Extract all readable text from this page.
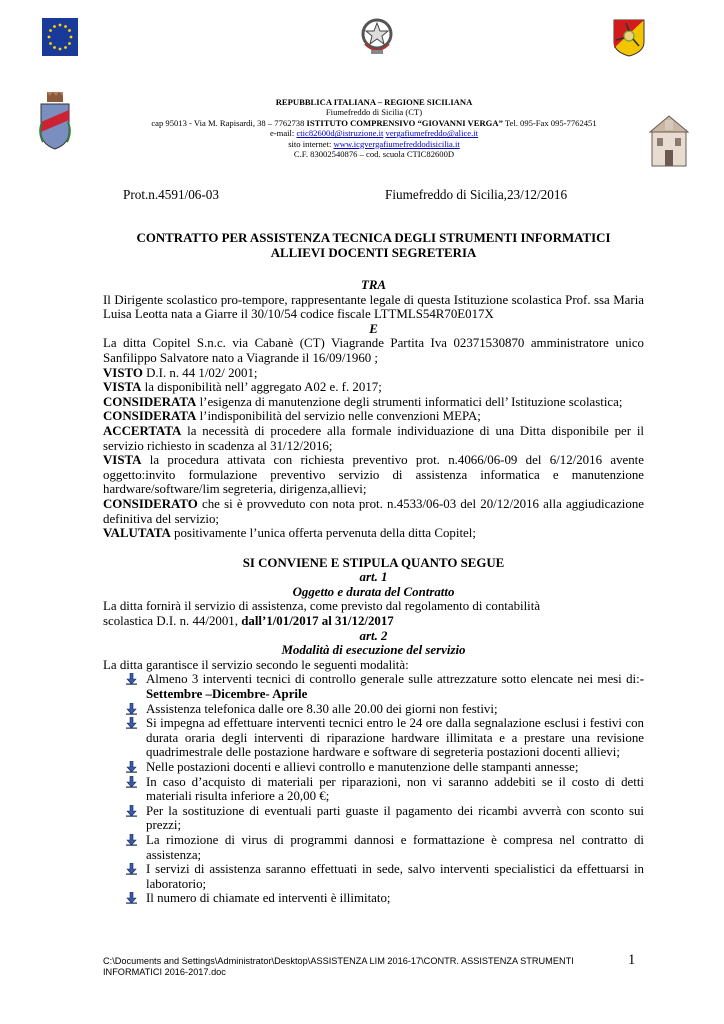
REPUBBLICA ITALIANA – REGIONE SICILIANA
Fiumefreddo di Sicilia (CT)
cap 95013 - Via M. Rapisardi, 38 – 7762738 ISTITUTO COMPRENSIVO “GIOVANNI VERGA” Tel. 095-Fax 095-7762451
e-mail: ctic82600d@istruzione.it vergafiumefreddo@alice.it
sito internet: www.icgvergafiumefreddodisicilia.it
C.F. 83002540876 – cod. scuola CTIC82600D
Prot.n.4591/06-03	Fiumefreddo di Sicilia,23/12/2016
CONTRATTO PER ASSISTENZA TECNICA DEGLI STRUMENTI INFORMATICI
ALLIEVI DOCENTI SEGRETERIA
TRA
Il Dirigente scolastico pro-tempore, rappresentante legale di questa Istituzione scolastica Prof. ssa Maria Luisa Leotta nata a Giarre il 30/10/54 codice fiscale LTTMLS54R70E017X
E
La ditta Copitel S.n.c. via Cabanè (CT) Viagrande Partita Iva 02371530870 amministratore unico Sanfilippo Salvatore nato a Viagrande il 16/09/1960 ;
VISTO D.I. n. 44 1/02/ 2001;
VISTA la disponibilità nell’ aggregato A02 e. f. 2017;
CONSIDERATA l’esigenza di manutenzione degli strumenti informatici dell’ Istituzione scolastica;
CONSIDERATA l’indisponibilità del servizio nelle convenzioni MEPA;
ACCERTATA la necessità di procedere alla formale individuazione di una Ditta disponibile per il servizio richiesto in scadenza al 31/12/2016;
VISTA la procedura attivata con richiesta preventivo prot. n.4066/06-09 del 6/12/2016 avente oggetto:invito formulazione preventivo servizio di assistenza informatica e manutenzione hardware/software/lim segreteria, dirigenza,allievi;
CONSIDERATO che si è provveduto con nota prot. n.4533/06-03 del 20/12/2016 alla aggiudicazione definitiva del servizio;
VALUTATA positivamente l’unica offerta pervenuta della ditta Copitel;
SI CONVIENE E STIPULA QUANTO SEGUE
art. 1
Oggetto e durata del Contratto
La ditta fornirà il servizio di assistenza, come previsto dal regolamento di contabilità scolastica D.I. n. 44/2001, dall’1/01/2017 al 31/12/2017
art. 2
Modalità di esecuzione del servizio
La ditta garantisce il servizio secondo le seguenti modalità:
Almeno 3 interventi tecnici di controllo generale sulle attrezzature sotto elencate nei mesi di:- Settembre –Dicembre- Aprile
Assistenza telefonica dalle ore 8.30 alle 20.00 dei giorni non festivi;
Si impegna ad effettuare interventi tecnici entro le 24 ore dalla segnalazione esclusi i festivi con durata oraria degli interventi di riparazione hardware illimitata e a prestare una revisione quadrimestrale delle postazione hardware e software di segreteria postazioni docenti allievi;
Nelle postazioni docenti e allievi controllo e manutenzione delle stampanti annesse;
In caso d’acquisto di materiali per riparazioni, non vi saranno addebiti se il costo di detti materiali risulta inferiore a 20,00 €;
Per la sostituzione di eventuali parti guaste il pagamento dei ricambi avverrà con sconto sui prezzi;
La rimozione di virus di programmi dannosi e formattazione è compresa nel contratto di assistenza;
I servizi di assistenza saranno effettuati in sede, salvo interventi specialistici da effettuarsi in laboratorio;
Il numero di chiamate ed interventi è illimitato;
C:\Documents and Settings\Administrator\Desktop\ASSISTENZA LIM 2016-17\CONTR. ASSISTENZA STRUMENTI INFORMATICI 2016-2017.doc
1
